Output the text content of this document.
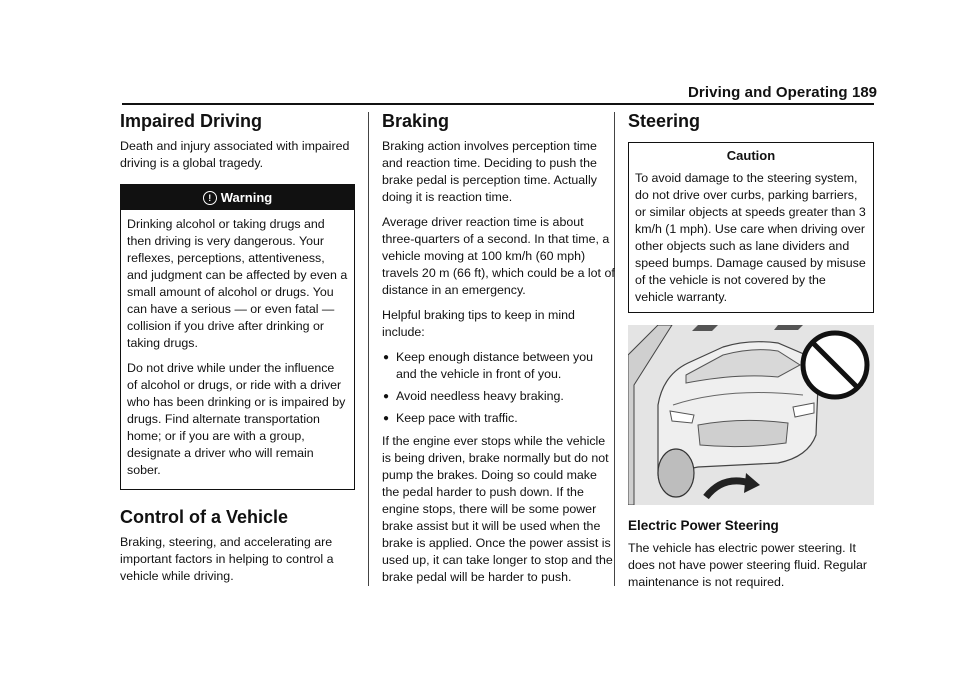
Driving and Operating 189
Impaired Driving

Death and injury associated with impaired driving is a global tragedy.

! Warning

Drinking alcohol or taking drugs and then driving is very dangerous. Your reflexes, perceptions, attentiveness, and judgment can be affected by even a small amount of alcohol or drugs. You can have a serious — or even fatal — collision if you drive after drinking or taking drugs.

Do not drive while under the influence of alcohol or drugs, or ride with a driver who has been drinking or is impaired by drugs. Find alternate transportation home; or if you are with a group, designate a driver who will remain sober.

Control of a Vehicle

Braking, steering, and accelerating are important factors in helping to control a vehicle while driving.

Braking

Braking action involves perception time and reaction time. Deciding to push the brake pedal is perception time. Actually doing it is reaction time.

Average driver reaction time is about three-quarters of a second. In that time, a vehicle moving at 100 km/h (60 mph) travels 20 m (66 ft), which could be a lot of distance in an emergency.

Helpful braking tips to keep in mind include:

● Keep enough distance between you and the vehicle in front of you.
● Avoid needless heavy braking.
● Keep pace with traffic.

If the engine ever stops while the vehicle is being driven, brake normally but do not pump the brakes. Doing so could make the pedal harder to push down. If the engine stops, there will be some power brake assist but it will be used when the brake is applied. Once the power assist is used up, it can take longer to stop and the brake pedal will be harder to push.

Steering
Caution
To avoid damage to the steering system, do not drive over curbs, parking barriers, or similar objects at speeds greater than 3 km/h (1 mph). Use care when driving over other objects such as lane dividers and speed bumps. Damage caused by misuse of the vehicle is not covered by the vehicle warranty.
Electric Power Steering

The vehicle has electric power steering. It does not have power steering fluid. Regular maintenance is not required.
